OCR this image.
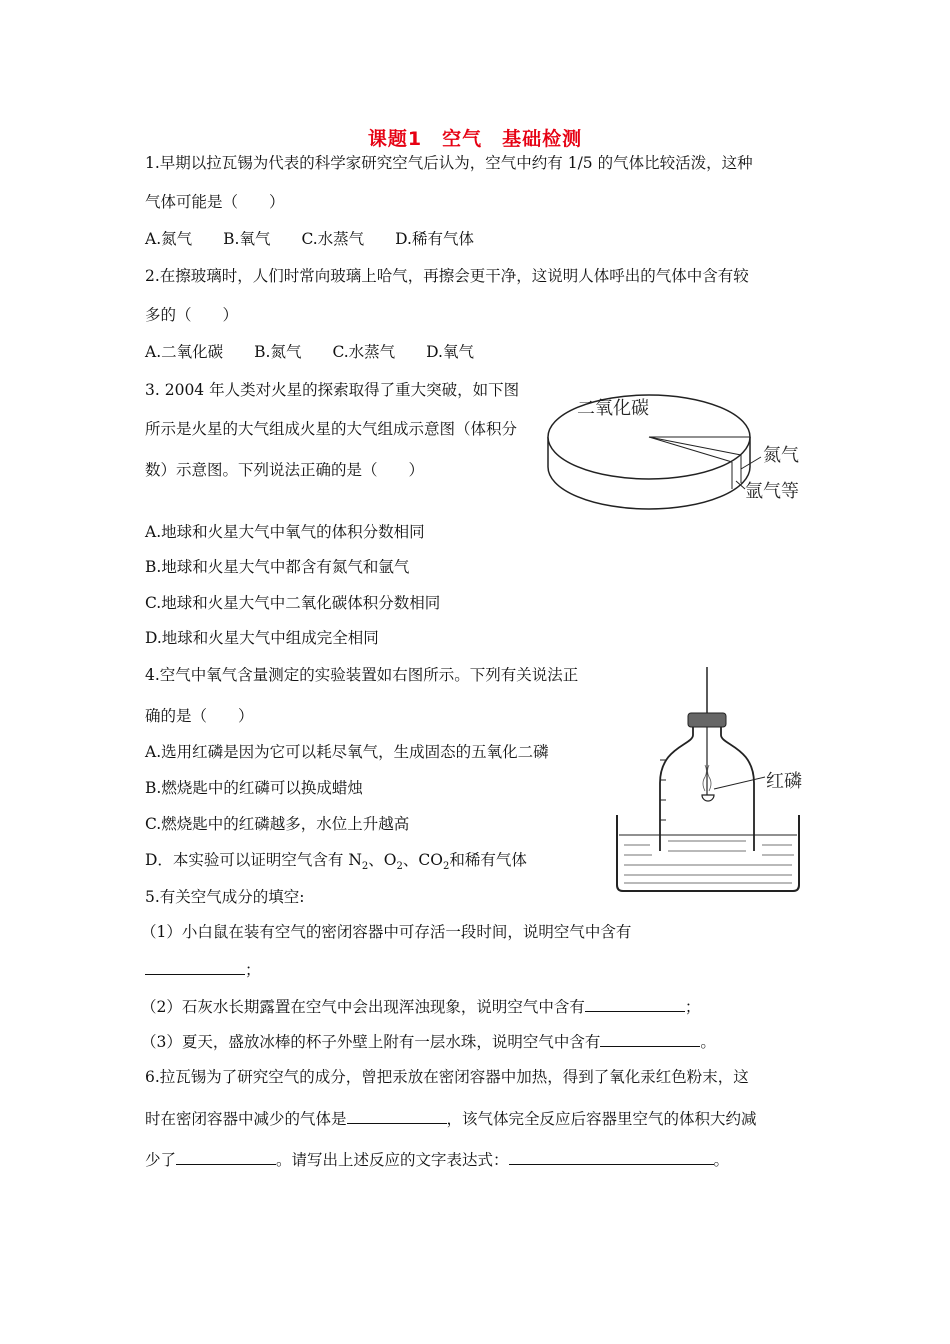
课题1　空气　基础检测
1.早期以拉瓦锡为代表的科学家研究空气后认为，空气中约有 1/5 的气体比较活泼，这种
气体可能是（　　）
A.氮气　　B.氧气　　C.水蒸气　　D.稀有气体
2.在擦玻璃时，人们时常向玻璃上哈气，再擦会更干净，这说明人体呼出的气体中含有较
多的（　　）
A.二氧化碳　　B.氮气　　C.水蒸气　　D.氧气
3. 2004 年人类对火星的探索取得了重大突破，如下图
所示是火星的大气组成火星的大气组成示意图（体积分
数）示意图。下列说法正确的是（　　）
二氧化碳
氮气
氩气等
A.地球和火星大气中氧气的体积分数相同
B.地球和火星大气中都含有氮气和氩气
C.地球和火星大气中二氧化碳体积分数相同
D.地球和火星大气中组成完全相同
4.空气中氧气含量测定的实验装置如右图所示。下列有关说法正
确的是（　　）
A.选用红磷是因为它可以耗尽氧气，生成固态的五氧化二磷
B.燃烧匙中的红磷可以换成蜡烛
C.燃烧匙中的红磷越多，水位上升越高
D．本实验可以证明空气含有 $N_2$、$O_2$、$CO_2$和稀有气体
红磷
5.有关空气成分的填空:
（1）小白鼠在装有空气的密闭容器中可存活一段时间，说明空气中含有
；
（2）石灰水长期露置在空气中会出现浑浊现象，说明空气中含有	；
（3）夏天，盛放冰棒的杯子外壁上附有一层水珠，说明空气中含有	。
6.拉瓦锡为了研究空气的成分，曾把汞放在密闭容器中加热，得到了氧化汞红色粉末，这
时在密闭容器中减少的气体是	，该气体完全反应后容器里空气的体积大约减
少了	。请写出上述反应的文字表达式：	。
